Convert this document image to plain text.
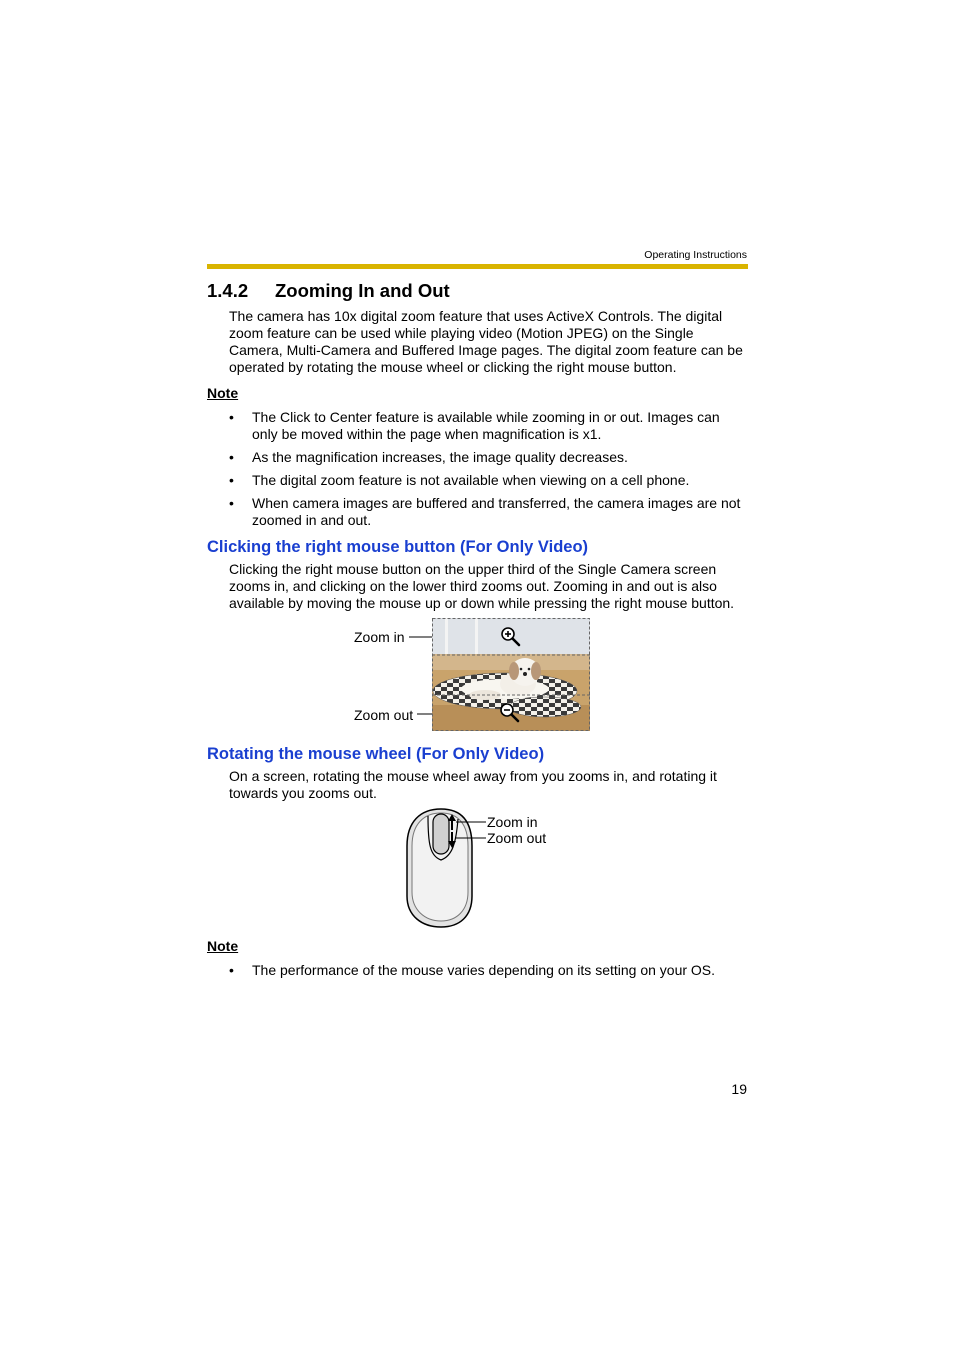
Operating Instructions
1.4.2 Zooming In and Out
The camera has 10x digital zoom feature that uses ActiveX Controls. The digital zoom feature can be used while playing video (Motion JPEG) on the Single Camera, Multi-Camera and Buffered Image pages. The digital zoom feature can be operated by rotating the mouse wheel or clicking the right mouse button.
Note
• The Click to Center feature is available while zooming in or out. Images can only be moved within the page when magnification is x1.
• As the magnification increases, the image quality decreases.
• The digital zoom feature is not available when viewing on a cell phone.
• When camera images are buffered and transferred, the camera images are not zoomed in and out.
Clicking the right mouse button (For Only Video)
Clicking the right mouse button on the upper third of the Single Camera screen zooms in, and clicking on the lower third zooms out. Zooming in and out is also available by moving the mouse up or down while pressing the right mouse button.
Zoom in
Zoom out
Rotating the mouse wheel (For Only Video)
On a screen, rotating the mouse wheel away from you zooms in, and rotating it towards you zooms out.
Zoom in
Zoom out
Note
• The performance of the mouse varies depending on its setting on your OS.
19
